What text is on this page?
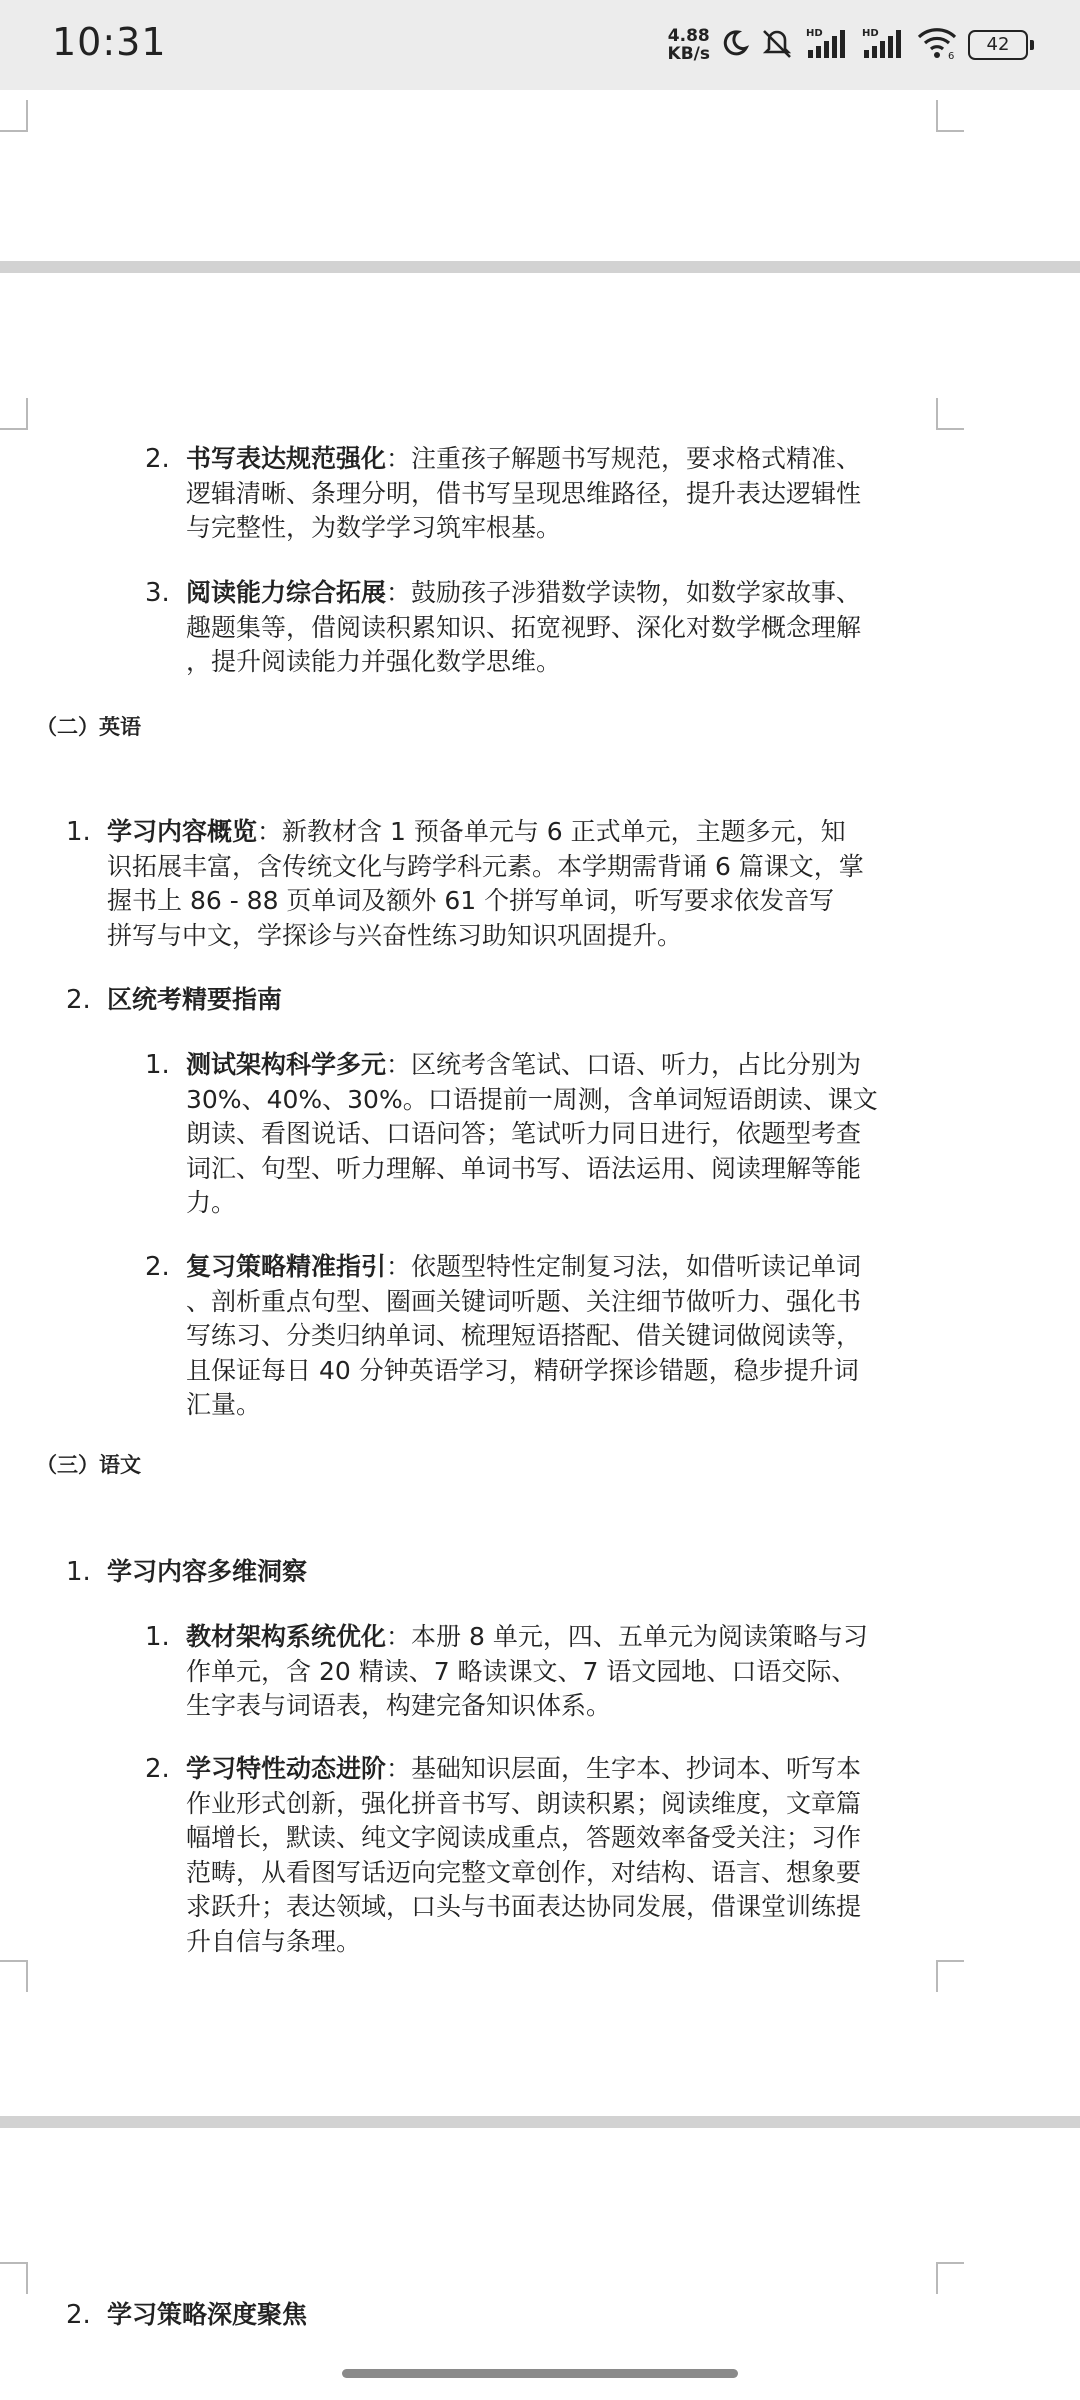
10:31	4.88
KB/s
HD	HD
6
42
2. 书写表达规范强化：注重孩子解题书写规范，要求格式精准、
逻辑清晰、条理分明，借书写呈现思维路径，提升表达逻辑性
与完整性，为数学学习筑牢根基。
3. 阅读能力综合拓展：鼓励孩子涉猎数学读物，如数学家故事、
趣题集等，借阅读积累知识、拓宽视野、深化对数学概念理解
，提升阅读能力并强化数学思维。
（二）英语
1. 学习内容概览：新教材含 1 预备单元与 6 正式单元，主题多元，知
识拓展丰富，含传统文化与跨学科元素。本学期需背诵 6 篇课文，掌
握书上 86 - 88 页单词及额外 61 个拼写单词，听写要求依发音写
拼写与中文，学探诊与兴奋性练习助知识巩固提升。
2. 区统考精要指南
1. 测试架构科学多元：区统考含笔试、口语、听力，占比分别为
30%、40%、30%。口语提前一周测，含单词短语朗读、课文
朗读、看图说话、口语问答；笔试听力同日进行，依题型考查
词汇、句型、听力理解、单词书写、语法运用、阅读理解等能
力。
2. 复习策略精准指引：依题型特性定制复习法，如借听读记单词
、剖析重点句型、圈画关键词听题、关注细节做听力、强化书
写练习、分类归纳单词、梳理短语搭配、借关键词做阅读等，
且保证每日 40 分钟英语学习，精研学探诊错题，稳步提升词
汇量。
（三）语文
1. 学习内容多维洞察
1. 教材架构系统优化：本册 8 单元，四、五单元为阅读策略与习
作单元，含 20 精读、7 略读课文、7 语文园地、口语交际、
生字表与词语表，构建完备知识体系。
2. 学习特性动态进阶：基础知识层面，生字本、抄词本、听写本
作业形式创新，强化拼音书写、朗读积累；阅读维度，文章篇
幅增长，默读、纯文字阅读成重点，答题效率备受关注；习作
范畴，从看图写话迈向完整文章创作，对结构、语言、想象要
求跃升；表达领域，口头与书面表达协同发展，借课堂训练提
升自信与条理。
2. 学习策略深度聚焦
